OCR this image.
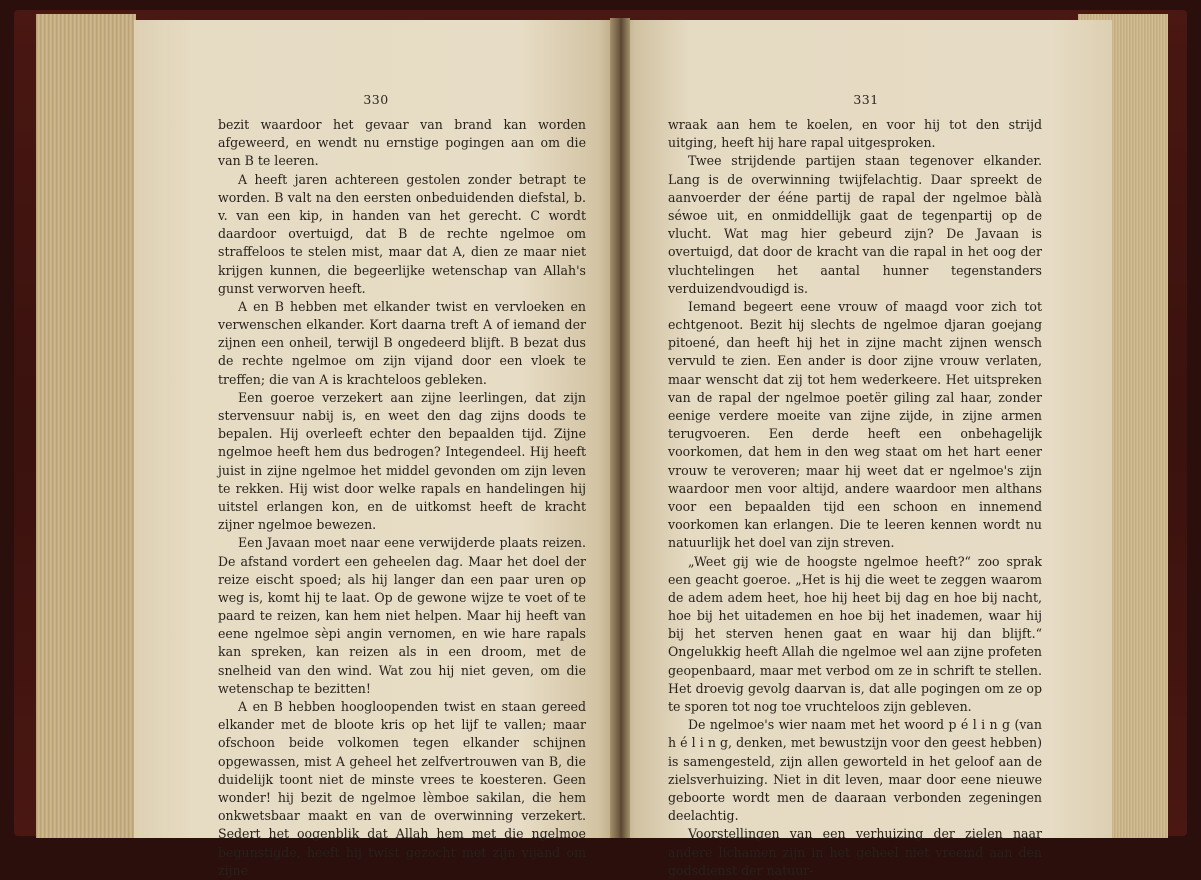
330

bezit waardoor het gevaar van brand kan worden afgeweerd, en wendt nu ernstige pogingen aan om die van B te leeren.

A heeft jaren achtereen gestolen zonder betrapt te worden. B valt na den eersten onbeduidenden diefstal, b. v. van een kip, in handen van het gerecht. C wordt daardoor overtuigd, dat B de rechte ngelmoe om straffeloos te stelen mist, maar dat A, dien ze maar niet krijgen kunnen, die begeerlijke wetenschap van Allah's gunst verworven heeft.

A en B hebben met elkander twist en vervloeken en verwenschen elkander. Kort daarna treft A of iemand der zijnen een onheil, terwijl B ongedeerd blijft. B bezat dus de rechte ngelmoe om zijn vijand door een vloek te treffen; die van A is krachteloos gebleken.

Een goeroe verzekert aan zijne leerlingen, dat zijn stervensuur nabij is, en weet den dag zijns doods te bepalen. Hij overleeft echter den bepaalden tijd. Zijne ngelmoe heeft hem dus bedrogen? Integendeel. Hij heeft juist in zijne ngelmoe het middel gevonden om zijn leven te rekken. Hij wist door welke rapals en handelingen hij uitstel erlangen kon, en de uitkomst heeft de kracht zijner ngelmoe bewezen.

Een Javaan moet naar eene verwijderde plaats reizen. De afstand vordert een geheelen dag. Maar het doel der reize eischt spoed; als hij langer dan een paar uren op weg is, komt hij te laat. Op de gewone wijze te voet of te paard te reizen, kan hem niet helpen. Maar hij heeft van eene ngelmoe sèpi angin vernomen, en wie hare rapals kan spreken, kan reizen als in een droom, met de snelheid van den wind. Wat zou hij niet geven, om die wetenschap te bezitten!

A en B hebben hoogloopenden twist en staan gereed elkander met de bloote kris op het lijf te vallen; maar ofschoon beide volkomen tegen elkander schijnen opgewassen, mist A geheel het zelfvertrouwen van B, die duidelijk toont niet de minste vrees te koesteren. Geen wonder! hij bezit de ngelmoe lèmboe sakilan, die hem onkwetsbaar maakt en van de overwinning verzekert. Sedert het oogenblik dat Allah hem met die ngelmoe begunstigde, heeft hij twist gezocht met zijn vijand om zijne

331

wraak aan hem te koelen, en voor hij tot den strijd uitging, heeft hij hare rapal uitgesproken.

Twee strijdende partijen staan tegenover elkander. Lang is de overwinning twijfelachtig. Daar spreekt de aanvoerder der ééne partij de rapal der ngelmoe bàlà séwoe uit, en onmiddellijk gaat de tegenpartij op de vlucht. Wat mag hier gebeurd zijn? De Javaan is overtuigd, dat door de kracht van die rapal in het oog der vluchtelingen het aantal hunner tegenstanders verduizendvoudigd is.

Iemand begeert eene vrouw of maagd voor zich tot echtgenoot. Bezit hij slechts de ngelmoe djaran goejang pitoené, dan heeft hij het in zijne macht zijnen wensch vervuld te zien. Een ander is door zijne vrouw verlaten, maar wenscht dat zij tot hem wederkeere. Het uitspreken van de rapal der ngelmoe poetër giling zal haar, zonder eenige verdere moeite van zijne zijde, in zijne armen terugvoeren. Een derde heeft een onbehagelijk voorkomen, dat hem in den weg staat om het hart eener vrouw te veroveren; maar hij weet dat er ngelmoe's zijn waardoor men voor altijd, andere waardoor men althans voor een bepaalden tijd een schoon en innemend voorkomen kan erlangen. Die te leeren kennen wordt nu natuurlijk het doel van zijn streven.

„Weet gij wie de hoogste ngelmoe heeft?“ zoo sprak een geacht goeroe. „Het is hij die weet te zeggen waarom de adem adem heet, hoe hij heet bij dag en hoe bij nacht, hoe bij het uitademen en hoe bij het inademen, waar hij bij het sterven henen gaat en waar hij dan blijft.“ Ongelukkig heeft Allah die ngelmoe wel aan zijne profeten geopenbaard, maar met verbod om ze in schrift te stellen. Het droevig gevolg daarvan is, dat alle pogingen om ze op te sporen tot nog toe vruchteloos zijn gebleven.

De ngelmoe's wier naam met het woord p é l i n g (van h é l i n g, denken, met bewustzijn voor den geest hebben) is samengesteld, zijn allen geworteld in het geloof aan de zielsverhuizing. Niet in dit leven, maar door eene nieuwe geboorte wordt men de daaraan verbonden zegeningen deelachtig.

Voorstellingen van een verhuizing der zielen naar andere lichamen zijn in het geheel niet vreemd aan den godsdienst der natuur-
